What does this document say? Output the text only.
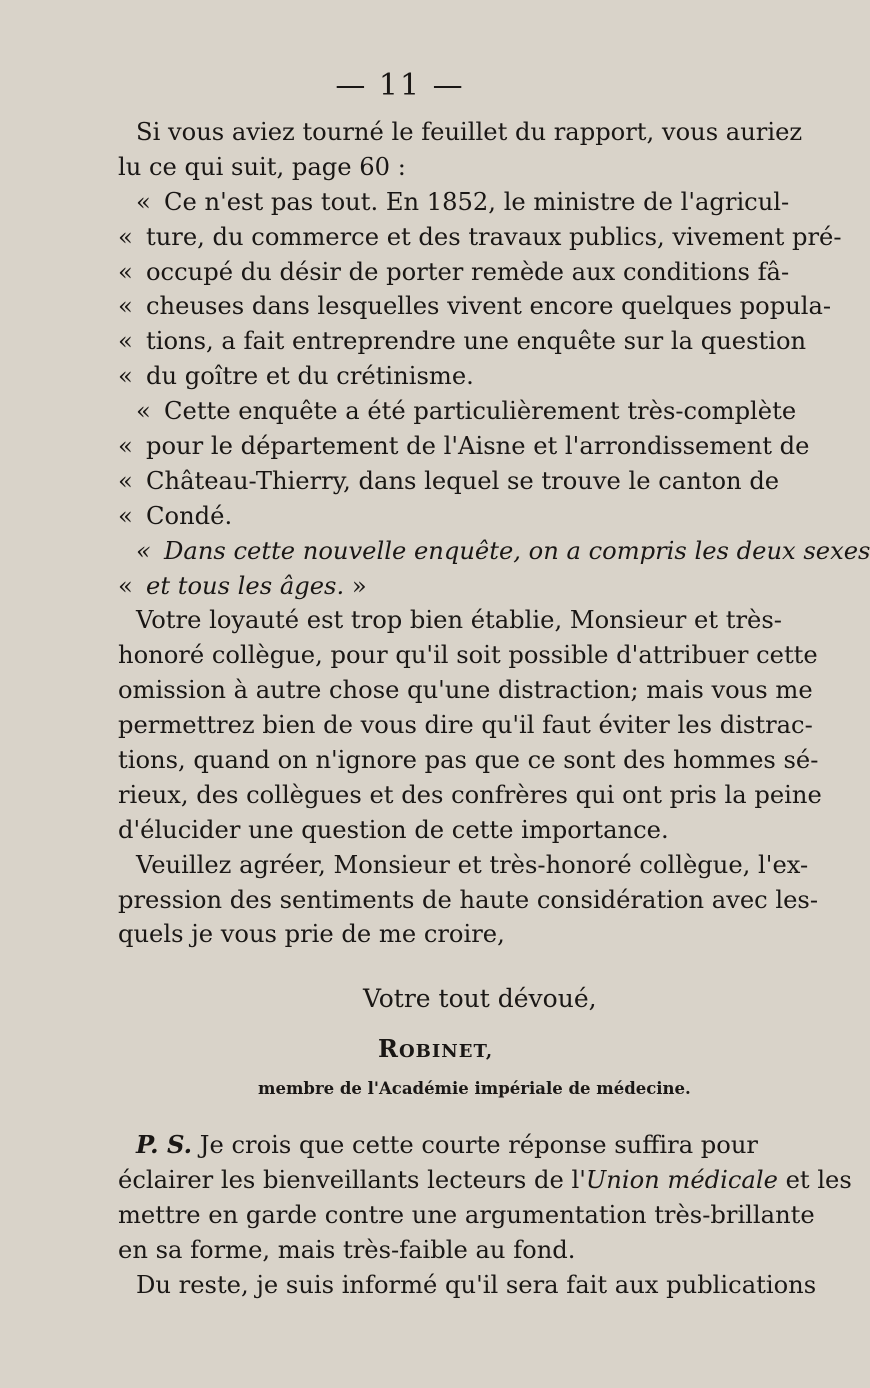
— 11 —
Si vous aviez tourné le feuillet du rapport, vous auriez
lu ce qui suit, page 60 :
« Ce n'est pas tout. En 1852, le ministre de l'agricul-
« ture, du commerce et des travaux publics, vivement pré-
« occupé du désir de porter remède aux conditions fâ-
« cheuses dans lesquelles vivent encore quelques popula-
« tions, a fait entreprendre une enquête sur la question
« du goître et du crétinisme.
« Cette enquête a été particulièrement très-complète
« pour le département de l'Aisne et l'arrondissement de
« Château-Thierry, dans lequel se trouve le canton de
« Condé.
« Dans cette nouvelle enquête, on a compris les deux sexes
« et tous les âges. »
Votre loyauté est trop bien établie, Monsieur et très-
honoré collègue, pour qu'il soit possible d'attribuer cette
omission à autre chose qu'une distraction; mais vous me
permettrez bien de vous dire qu'il faut éviter les distrac-
tions, quand on n'ignore pas que ce sont des hommes sé-
rieux, des collègues et des confrères qui ont pris la peine
d'élucider une question de cette importance.
Veuillez agréer, Monsieur et très-honoré collègue, l'ex-
pression des sentiments de haute considération avec les-
quels je vous prie de me croire,
Votre tout dévoué,
ROBINET,
membre de l'Académie impériale de médecine.
P. S. Je crois que cette courte réponse suffira pour
éclairer les bienveillants lecteurs de l'Union médicale et les
mettre en garde contre une argumentation très-brillante
en sa forme, mais très-faible au fond.
Du reste, je suis informé qu'il sera fait aux publications
